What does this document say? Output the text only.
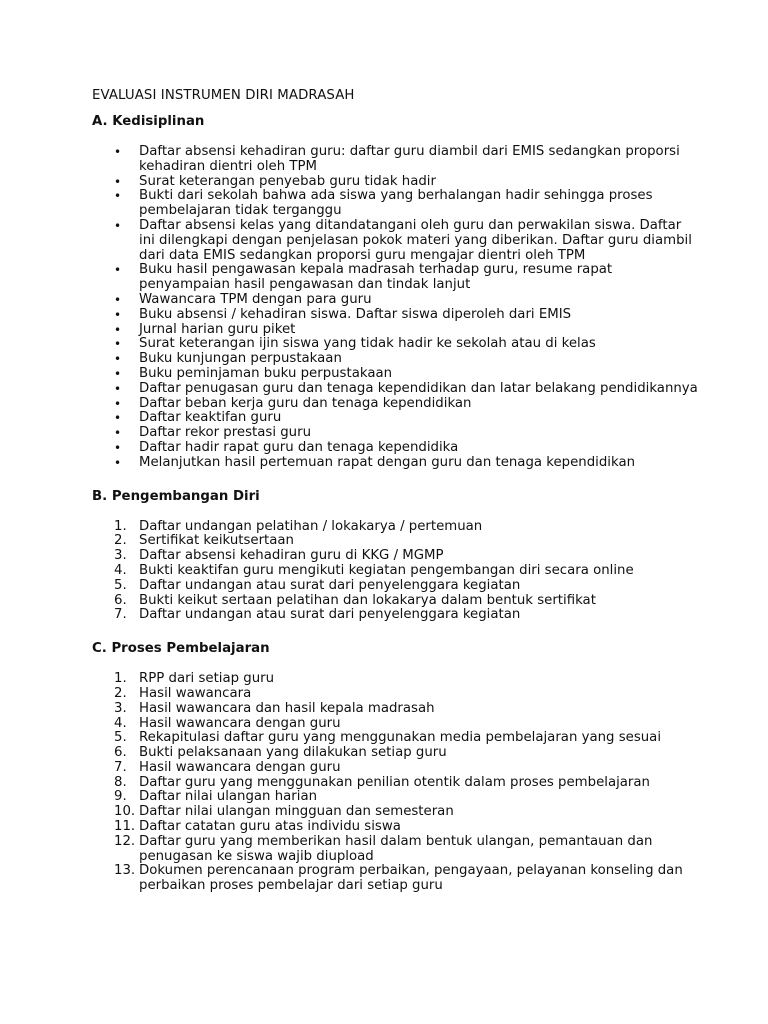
EVALUASI INSTRUMEN DIRI MADRASAH
A. Kedisiplinan
• Daftar absensi kehadiran guru: daftar guru diambil dari EMIS sedangkan proporsi kehadiran dientri oleh TPM
• Surat keterangan penyebab guru tidak hadir
• Bukti dari sekolah bahwa ada siswa yang berhalangan hadir sehingga proses pembelajaran tidak terganggu
• Daftar absensi kelas yang ditandatangani oleh guru dan perwakilan siswa. Daftar ini dilengkapi dengan penjelasan pokok materi yang diberikan. Daftar guru diambil dari data EMIS sedangkan proporsi guru mengajar dientri oleh TPM
• Buku hasil pengawasan kepala madrasah terhadap guru, resume rapat penyampaian hasil pengawasan dan tindak lanjut
• Wawancara TPM dengan para guru
• Buku absensi / kehadiran siswa. Daftar siswa diperoleh dari EMIS
• Jurnal harian guru piket
• Surat keterangan ijin siswa yang tidak hadir ke sekolah atau di kelas
• Buku kunjungan perpustakaan
• Buku peminjaman buku perpustakaan
• Daftar penugasan guru dan tenaga kependidikan dan latar belakang pendidikannya
• Daftar beban kerja guru dan tenaga kependidikan
• Daftar keaktifan guru
• Daftar rekor prestasi guru
• Daftar hadir rapat guru dan tenaga kependidika
• Melanjutkan hasil pertemuan rapat dengan guru dan tenaga kependidikan
B. Pengembangan Diri
1. Daftar undangan pelatihan / lokakarya / pertemuan
2. Sertifikat keikutsertaan
3. Daftar absensi kehadiran guru di KKG / MGMP
4. Bukti keaktifan guru mengikuti kegiatan pengembangan diri secara online
5. Daftar undangan atau surat dari penyelenggara kegiatan
6. Bukti keikut sertaan pelatihan dan lokakarya dalam bentuk sertifikat
7. Daftar undangan atau surat dari penyelenggara kegiatan
C. Proses Pembelajaran
1. RPP dari setiap guru
2. Hasil wawancara
3. Hasil wawancara dan hasil kepala madrasah
4. Hasil wawancara dengan guru
5. Rekapitulasi daftar guru yang menggunakan media pembelajaran yang sesuai
6. Bukti pelaksanaan yang dilakukan setiap guru
7. Hasil wawancara dengan guru
8. Daftar guru yang menggunakan penilian otentik dalam proses pembelajaran
9. Daftar nilai ulangan harian
10. Daftar nilai ulangan mingguan dan semesteran
11. Daftar catatan guru atas individu siswa
12. Daftar guru yang memberikan hasil dalam bentuk ulangan, pemantauan dan penugasan ke siswa wajib diupload
13. Dokumen perencanaan program perbaikan, pengayaan, pelayanan konseling dan perbaikan proses pembelajar dari setiap guru
